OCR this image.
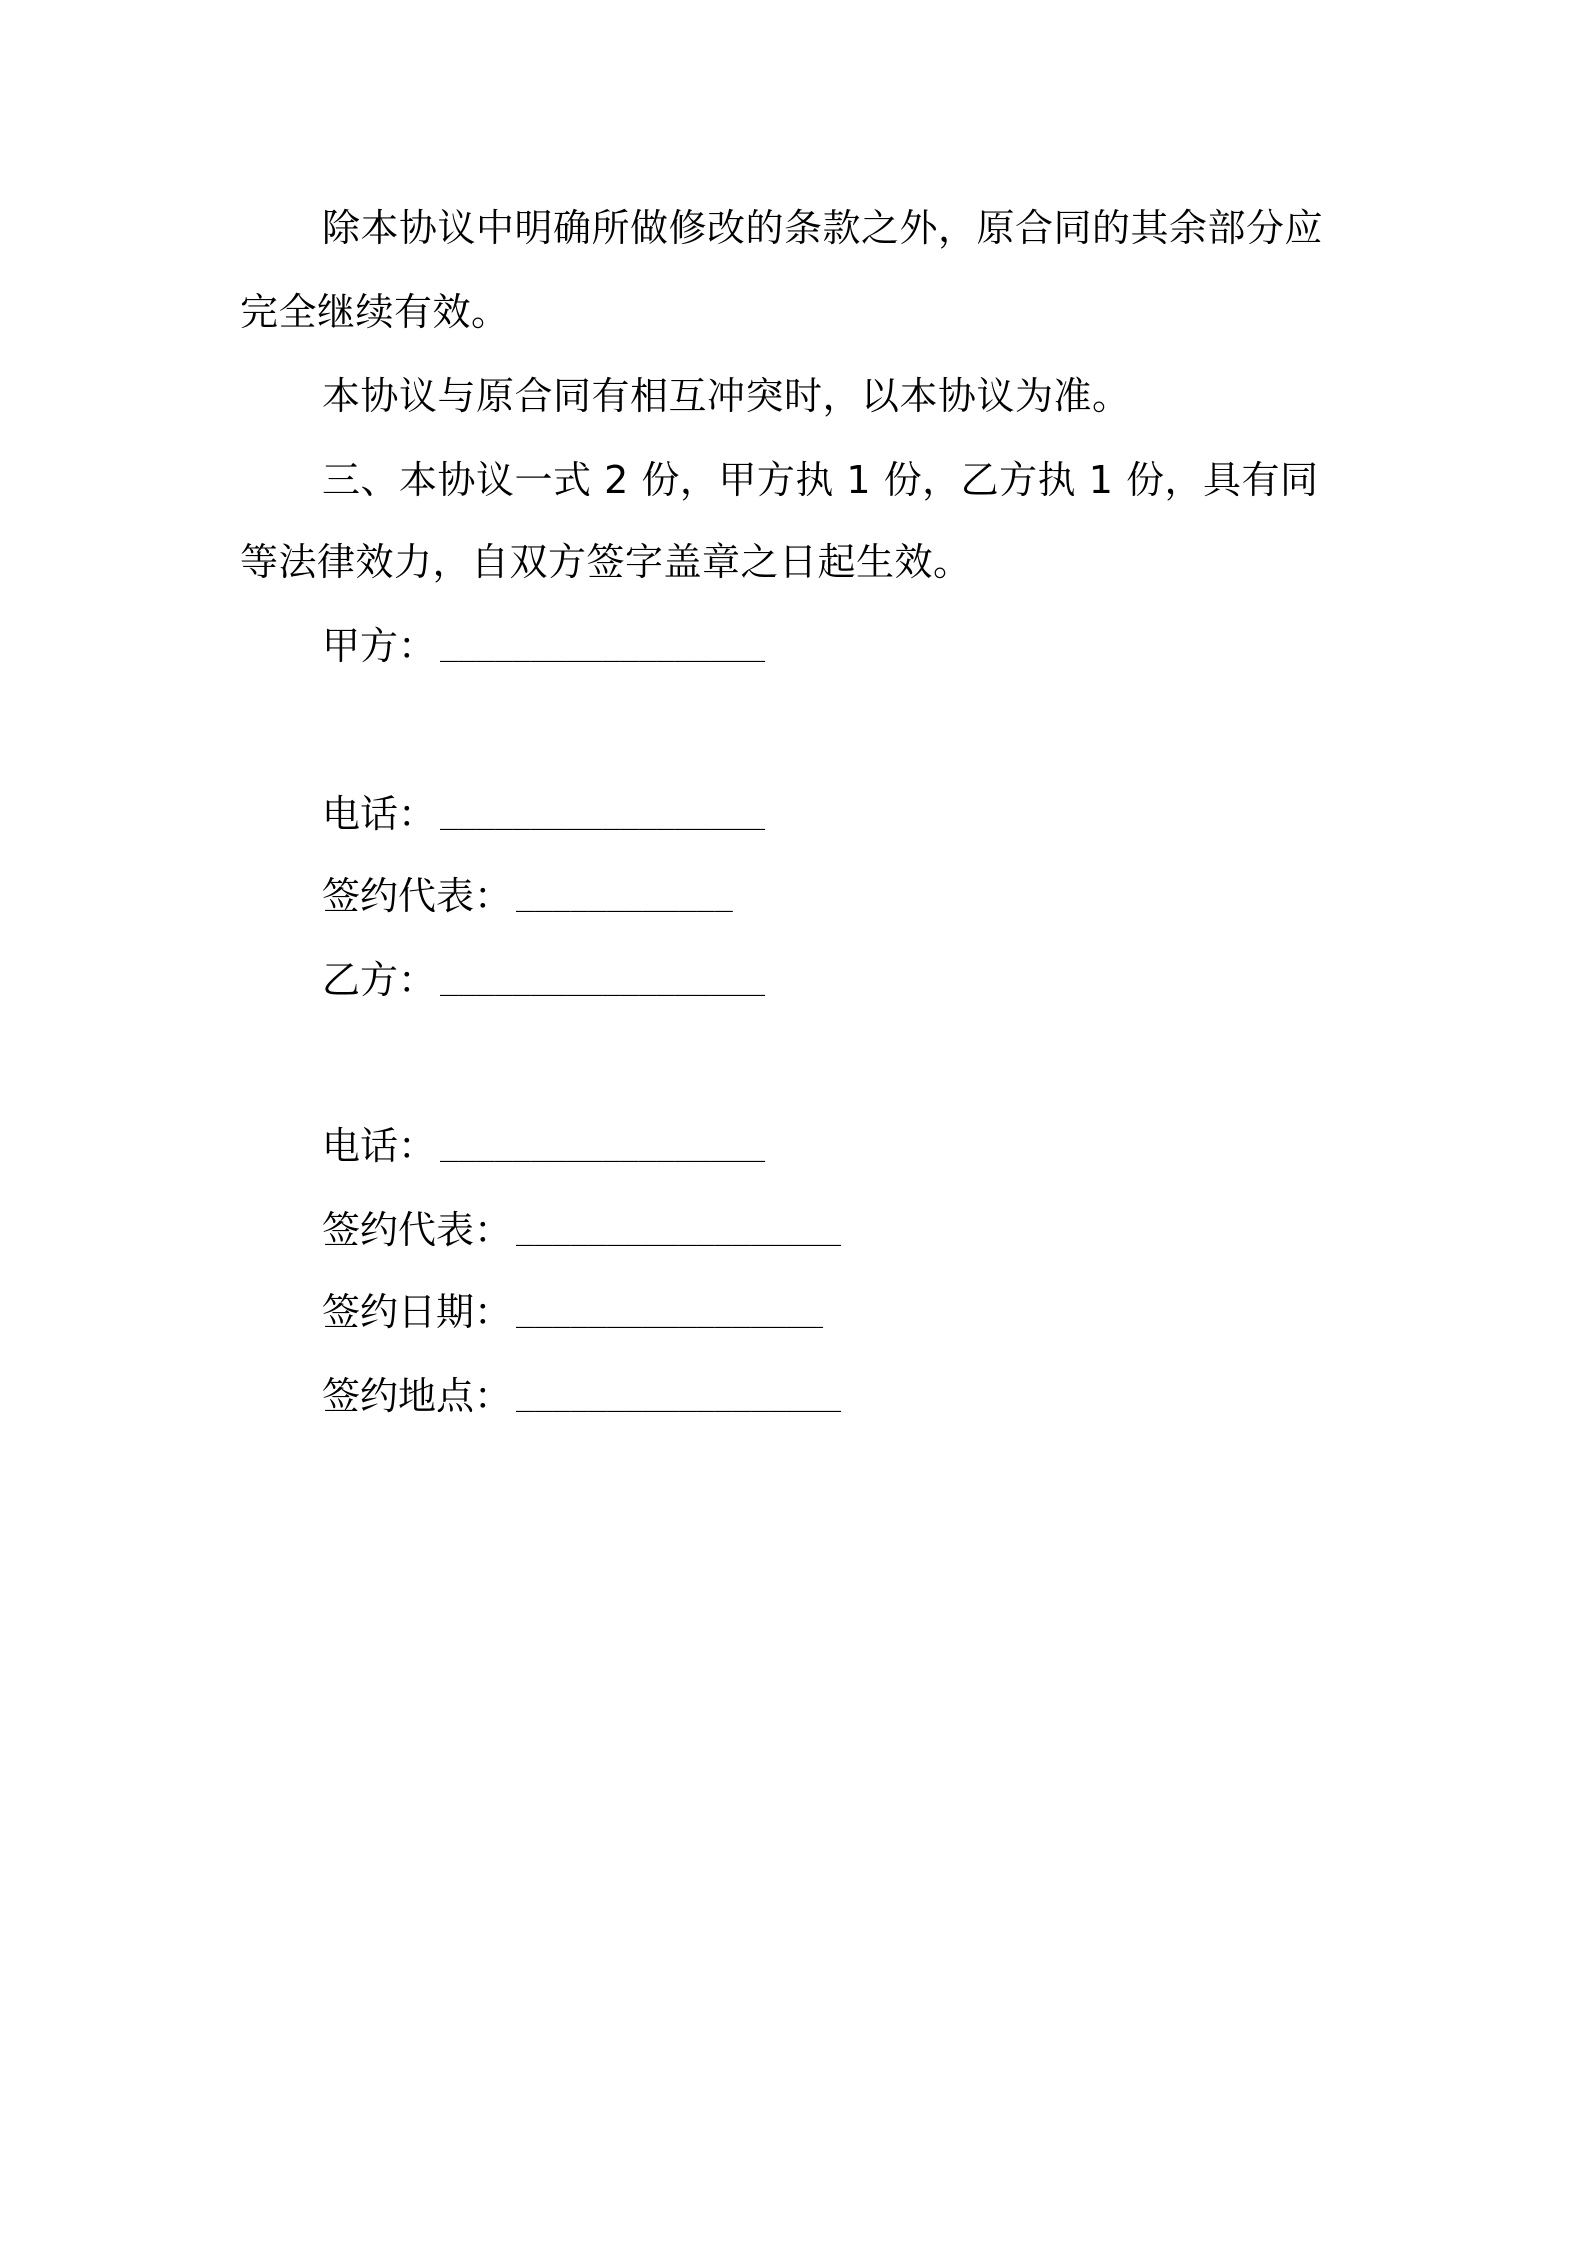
除本协议中明确所做修改的条款之外，原合同的其余部分应
完全继续有效。
本协议与原合同有相互冲突时，以本协议为准。
三、本协议一式 2 份，甲方执 1 份，乙方执 1 份，具有同
等法律效力，自双方签字盖章之日起生效。
甲方： __________________
电话： __________________
签约代表： ____________
乙方： __________________
电话： __________________
签约代表： __________________
签约日期： _________________
签约地点： __________________
